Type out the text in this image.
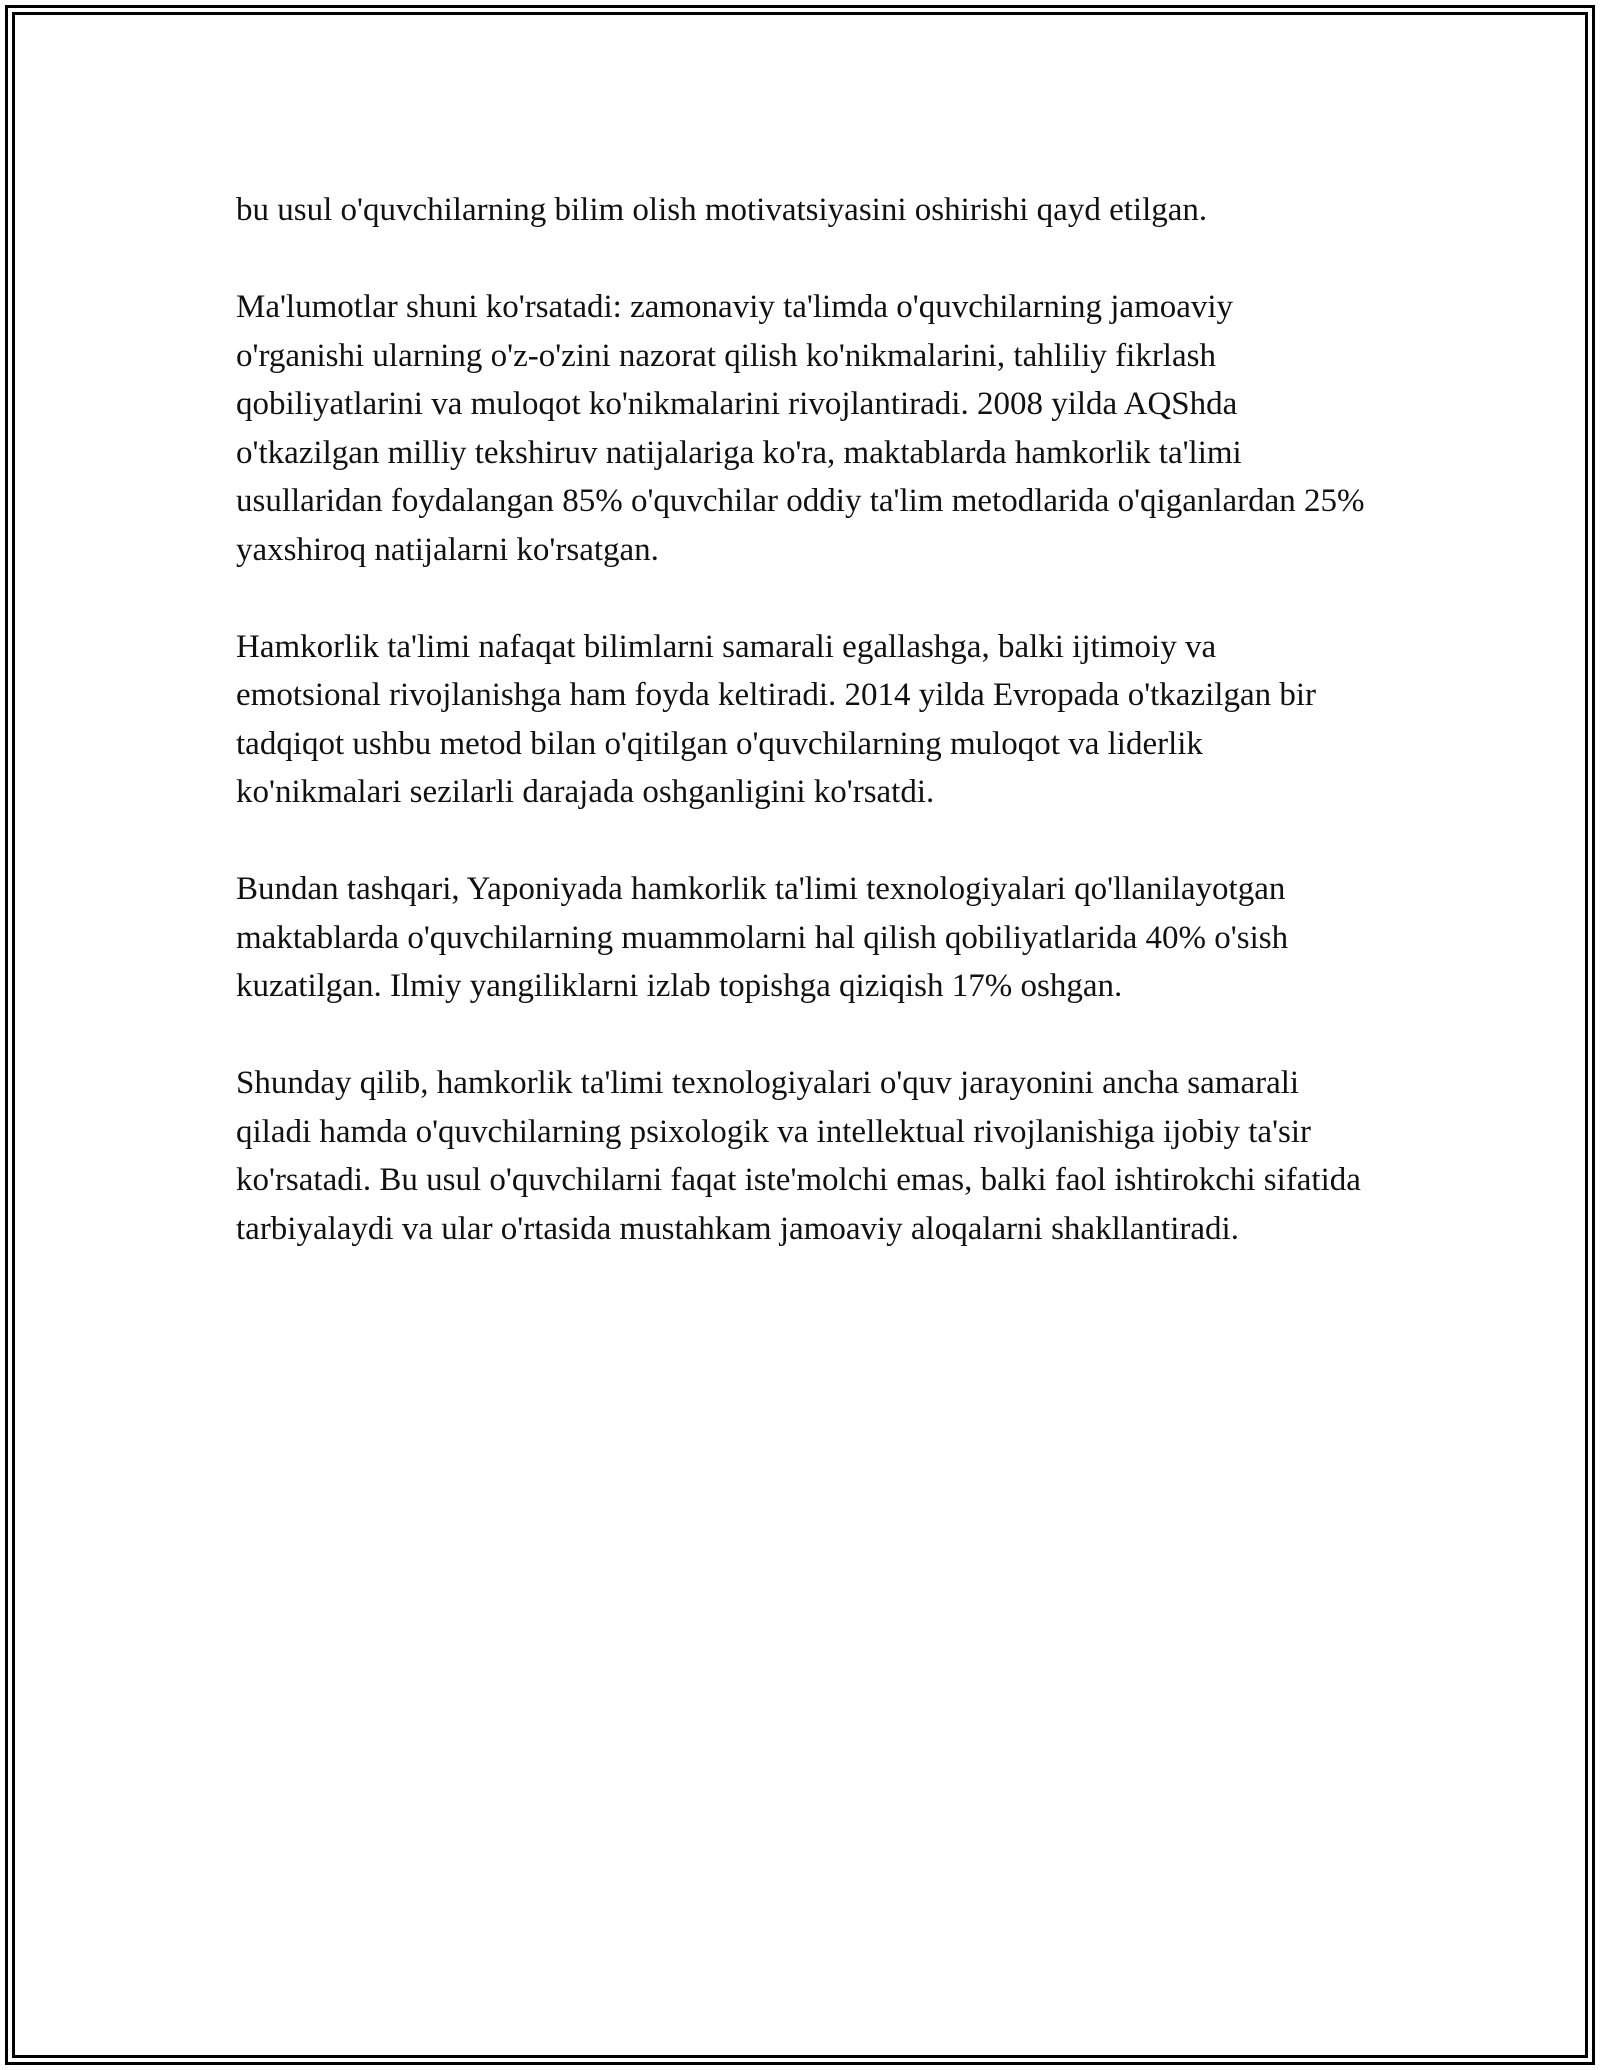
bu usul o'quvchilarning bilim olish motivatsiyasini oshirishi qayd etilgan.

Ma'lumotlar shuni ko'rsatadi: zamonaviy ta'limda o'quvchilarning jamoaviy o'rganishi ularning o'z-o'zini nazorat qilish ko'nikmalarini, tahliliy fikrlash qobiliyatlarini va muloqot ko'nikmalarini rivojlantiradi. 2008 yilda AQShda o'tkazilgan milliy tekshiruv natijalariga ko'ra, maktablarda hamkorlik ta'limi usullaridan foydalangan 85% o'quvchilar oddiy ta'lim metodlarida o'qiganlardan 25% yaxshiroq natijalarni ko'rsatgan.

Hamkorlik ta'limi nafaqat bilimlarni samarali egallashga, balki ijtimoiy va emotsional rivojlanishga ham foyda keltiradi. 2014 yilda Evropada o'tkazilgan bir tadqiqot ushbu metod bilan o'qitilgan o'quvchilarning muloqot va liderlik ko'nikmalari sezilarli darajada oshganligini ko'rsatdi.

Bundan tashqari, Yaponiyada hamkorlik ta'limi texnologiyalari qo'llanilayotgan maktablarda o'quvchilarning muammolarni hal qilish qobiliyatlarida 40% o'sish kuzatilgan. Ilmiy yangiliklarni izlab topishga qiziqish 17% oshgan.

Shunday qilib, hamkorlik ta'limi texnologiyalari o'quv jarayonini ancha samarali qiladi hamda o'quvchilarning psixologik va intellektual rivojlanishiga ijobiy ta'sir ko'rsatadi. Bu usul o'quvchilarni faqat iste'molchi emas, balki faol ishtirokchi sifatida tarbiyalaydi va ular o'rtasida mustahkam jamoaviy aloqalarni shakllantiradi.
